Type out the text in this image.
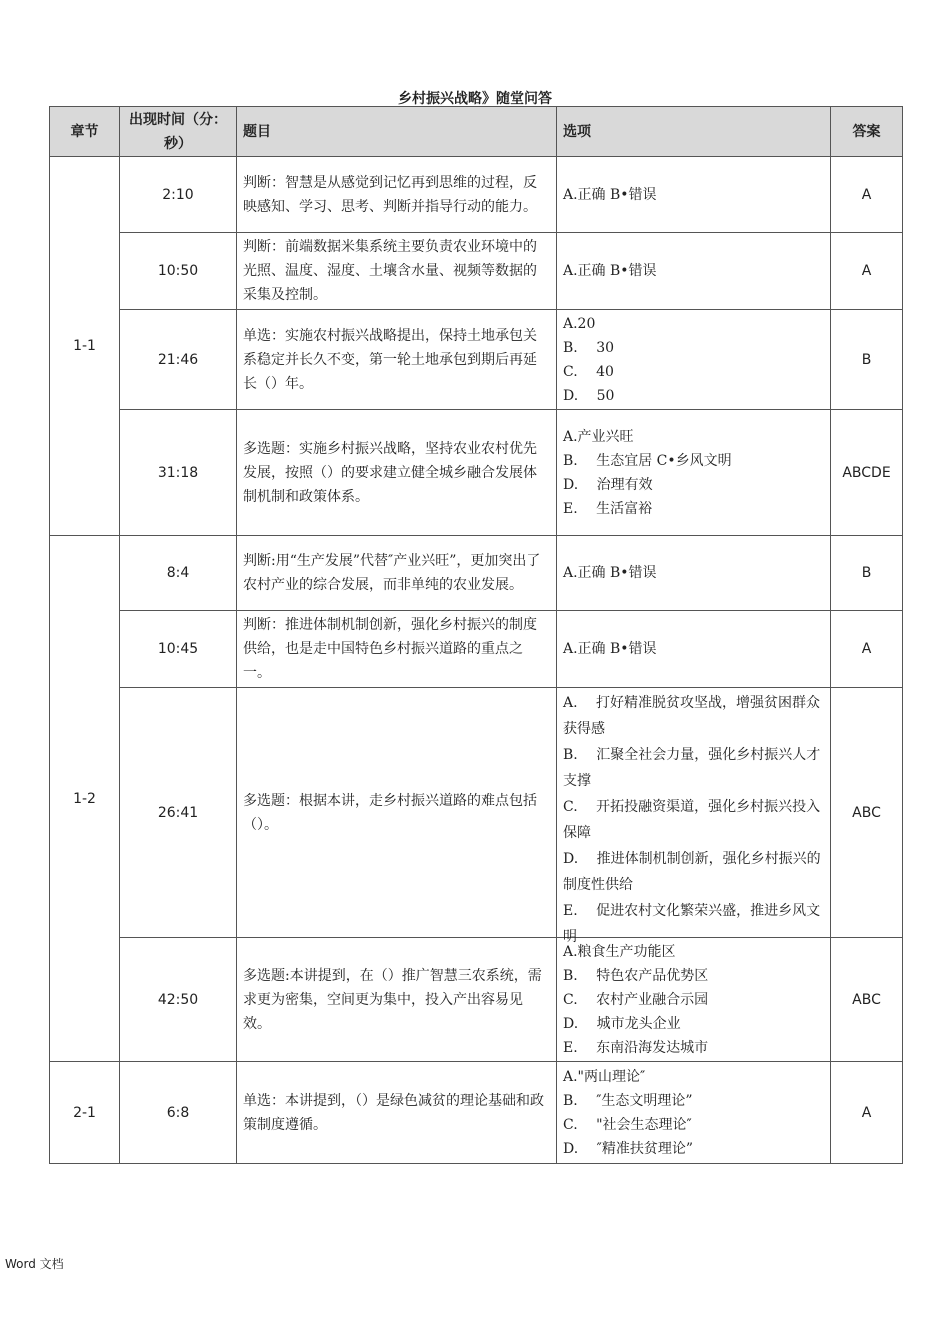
乡村振兴战略》随堂问答
章节	出现时间（分：秒）	题目	选项	答案
1-1	2:10	判断：智慧是从感觉到记忆再到思维的过程，反映感知、学习、思考、判断并指导行动的能力。	A.正确 B•错误	A
	10:50	判断：前端数据米集系统主要负责农业环境中的光照、温度、湿度、土壤含水量、视频等数据的采集及控制。	A.正确 B•错误	A
	21:46	单选：实施农村振兴战略提出，保持土地承包关系稳定并长久不变，第一轮土地承包到期后再延长（）年。	A.20
B.　 30
C.　 40
D.　 50	B
	31:18	多选题：实施乡村振兴战略，坚持农业农村优先发展，按照（）的要求建立健全城乡融合发展体制机制和政策体系。	A.产业兴旺
B.　 生态宜居 C•乡风文明
D.　 治理有效
E.　 生活富裕	ABCDE
1-2	8:4	判断:用“生产发展”代替″产业兴旺”，更加突出了农村产业的综合发展，而非单纯的农业发展。	A.正确 B•错误	B
	10:45	判断：推进体制机制创新，强化乡村振兴的制度供给，也是走中国特色乡村振兴道路的重点之一。	A.正确 B•错误	A
	26:41	多选题：根据本讲，走乡村振兴道路的难点包括（）。	A.　 打好精准脱贫攻坚战，增强贫困群众获得感
B.　 汇聚全社会力量，强化乡村振兴人才支撑
C.　 开拓投融资渠道，强化乡村振兴投入保障
D.　 推进体制机制创新，强化乡村振兴的制度性供给
E.　 促进农村文化繁荣兴盛，推进乡风文明	ABC
	42:50	多选题:本讲提到，在（）推广智慧三农系统，需求更为密集，空间更为集中，投入产出容易见效。	A.粮食生产功能区
B.　 特色农产品优势区
C.　 农村产业融合示园
D.　 城市龙头企业
E.　 东南沿海发达城市	ABC
2-1	6:8	单选：本讲提到，（）是绿色减贫的理论基础和政策制度遵循。	A."两山理论″
B.　 ″生态文明理论”
C.　 "社会生态理论″
D.　 ″精准扶贫理论”	A
Word 文档
